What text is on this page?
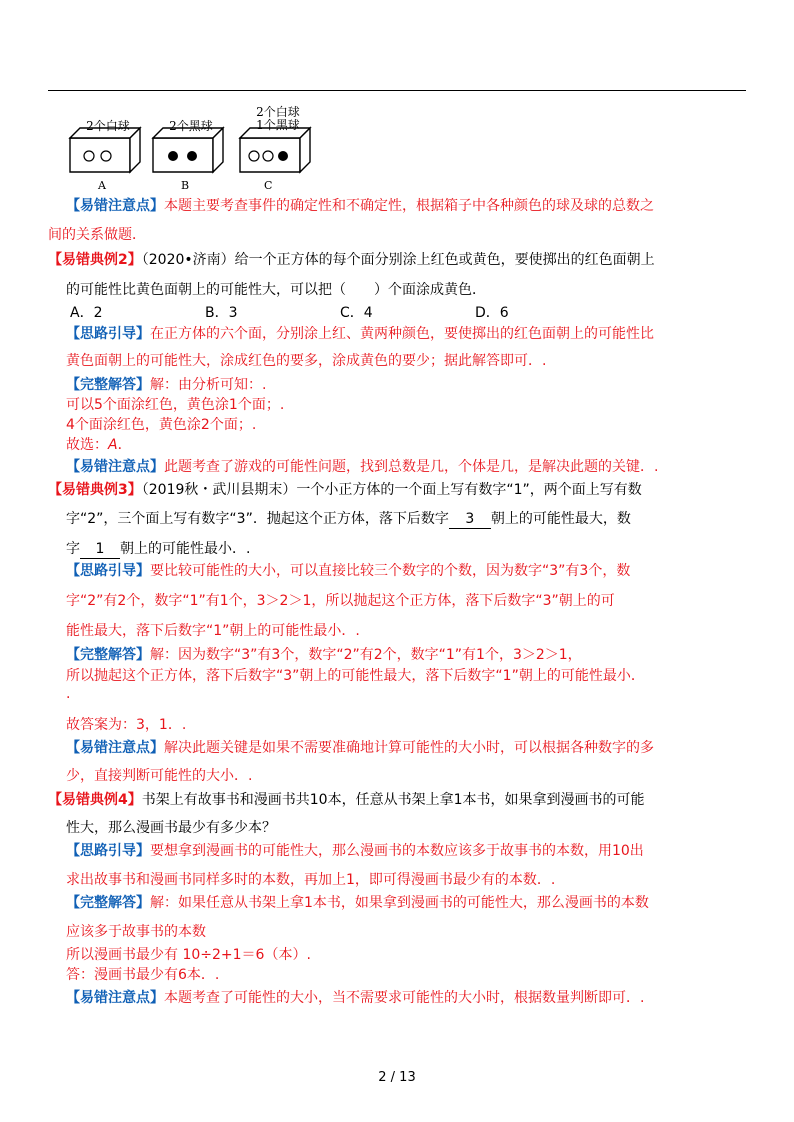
2个白球	2个黑球
2个白球
1个黑球
A	B	C
【易错注意点】本题主要考查事件的确定性和不确定性，根据箱子中各种颜色的球及球的总数之
间的关系做题．
【易错典例2】（2020•济南）给一个正方体的每个面分别涂上红色或黄色，要使掷出的红色面朝上
的可能性比黄色面朝上的可能性大，可以把（　　）个面涂成黄色．
A．2	B．3	C．4	D．6
【思路引导】在正方体的六个面，分别涂上红、黄两种颜色，要使掷出的红色面朝上的可能性比
黄色面朝上的可能性大，涂成红色的要多，涂成黄色的要少；据此解答即可．.
【完整解答】解：由分析可知：.
可以5个面涂红色，黄色涂1个面；.
4个面涂红色，黄色涂2个面；.
故选：A．
【易错注意点】此题考查了游戏的可能性问题，找到总数是几，个体是几，是解决此题的关键．.
【易错典例3】（2019秋・武川县期末）一个小正方体的一个面上写有数字“1”，两个面上写有数
字“2”，三个面上写有数字“3”．抛起这个正方体，落下后数字 3 朝上的可能性最大，数
字 1 朝上的可能性最小．.
【思路引导】要比较可能性的大小，可以直接比较三个数字的个数，因为数字“3”有3个，数
字“2”有2个，数字“1”有1个，3＞2＞1，所以抛起这个正方体，落下后数字“3”朝上的可
能性最大，落下后数字“1”朝上的可能性最小．.
【完整解答】解：因为数字“3”有3个，数字“2”有2个，数字“1”有1个，3＞2＞1，
所以抛起这个正方体，落下后数字“3”朝上的可能性最大，落下后数字“1”朝上的可能性最小．
.
故答案为：3，1．.
【易错注意点】解决此题关键是如果不需要准确地计算可能性的大小时，可以根据各种数字的多
少，直接判断可能性的大小．.
【易错典例4】书架上有故事书和漫画书共10本，任意从书架上拿1本书，如果拿到漫画书的可能
性大，那么漫画书最少有多少本？
【思路引导】要想拿到漫画书的可能性大，那么漫画书的本数应该多于故事书的本数，用10出
求出故事书和漫画书同样多时的本数，再加上1，即可得漫画书最少有的本数．.
【完整解答】解：如果任意从书架上拿1本书，如果拿到漫画书的可能性大，那么漫画书的本数
应该多于故事书的本数
所以漫画书最少有 10÷2+1＝6（本）.
答：漫画书最少有6本．.
【易错注意点】本题考查了可能性的大小，当不需要求可能性的大小时，根据数量判断即可．.
2 / 13
